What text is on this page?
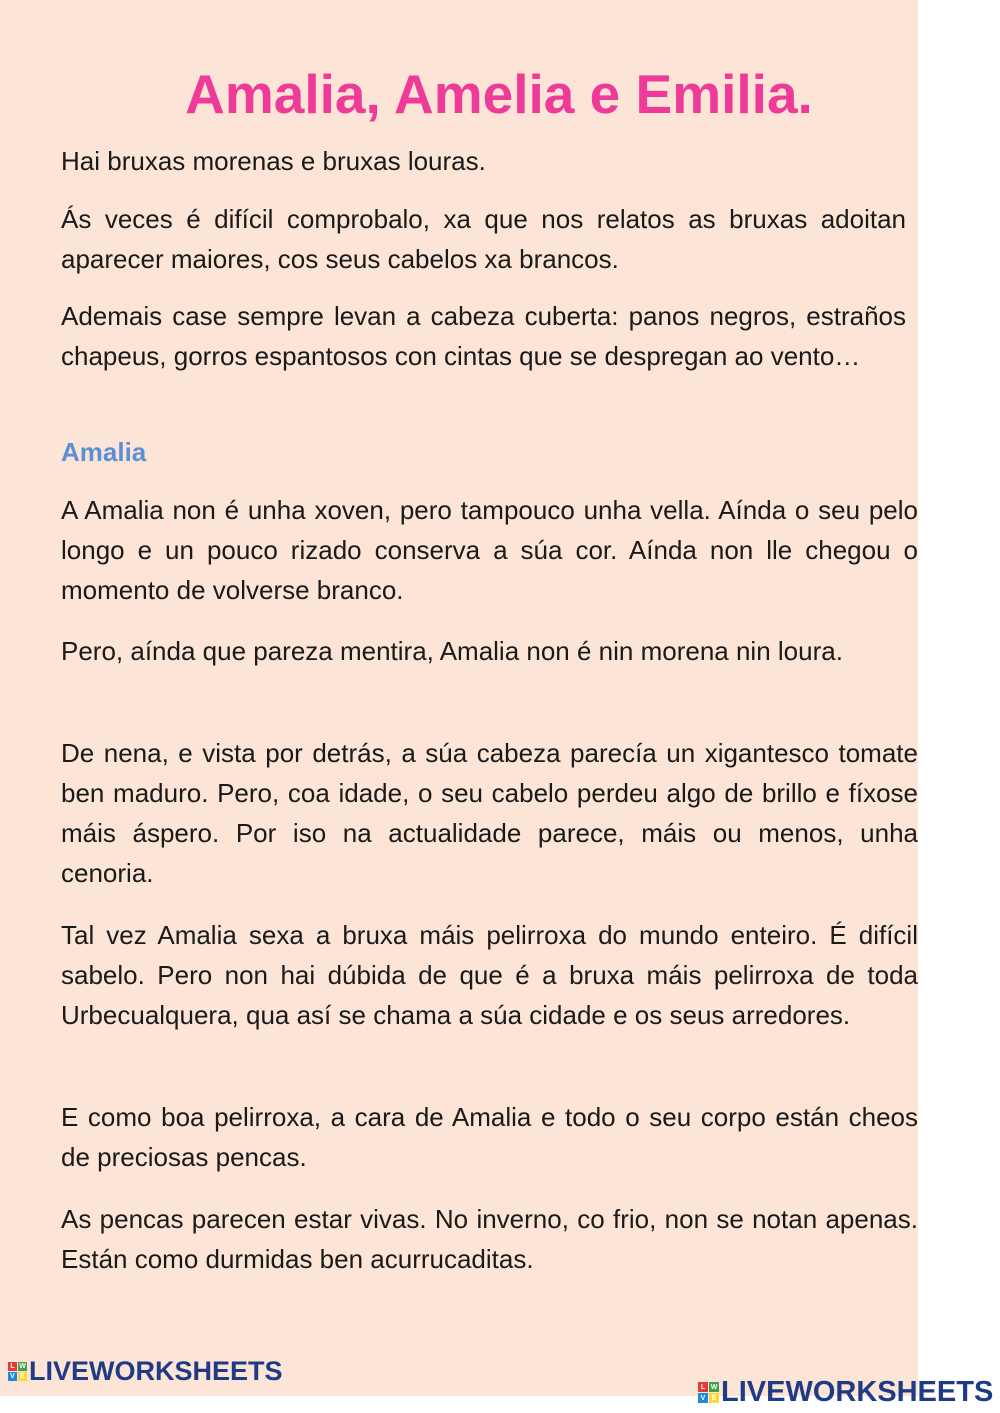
Amalia, Amelia e Emilia.

Hai bruxas morenas e bruxas louras.

Ás veces é difícil comprobalo, xa que nos relatos as bruxas adoitan aparecer maiores, cos seus cabelos xa brancos.

Ademais case sempre levan a cabeza cuberta: panos negros, estraños chapeus, gorros espantosos con cintas que se despregan ao vento…

Amalia

A Amalia non é unha xoven, pero tampouco unha vella. Aínda o seu pelo longo e un pouco rizado conserva a súa cor. Aínda non lle chegou o momento de volverse branco.

Pero, aínda que pareza mentira, Amalia non é nin morena nin loura.

De nena, e vista por detrás, a súa cabeza parecía un xigantesco tomate ben maduro. Pero, coa idade, o seu cabelo perdeu algo de brillo e fíxose máis áspero. Por iso na actualidade parece, máis ou menos, unha cenoria.

Tal vez Amalia sexa a bruxa máis pelirroxa do mundo enteiro. É difícil sabelo. Pero non hai dúbida de que é a bruxa máis pelirroxa de toda Urbecualquera, qua así se chama a súa cidade e os seus arredores.

E como boa pelirroxa, a cara de Amalia e todo o seu corpo están cheos de preciosas pencas.

As pencas parecen estar vivas. No inverno, co frio, non se notan apenas. Están como durmidas ben acurrucaditas.

L W
V E LIVEWORKSHEETS
L W
V E LIVEWORKSHEETS
